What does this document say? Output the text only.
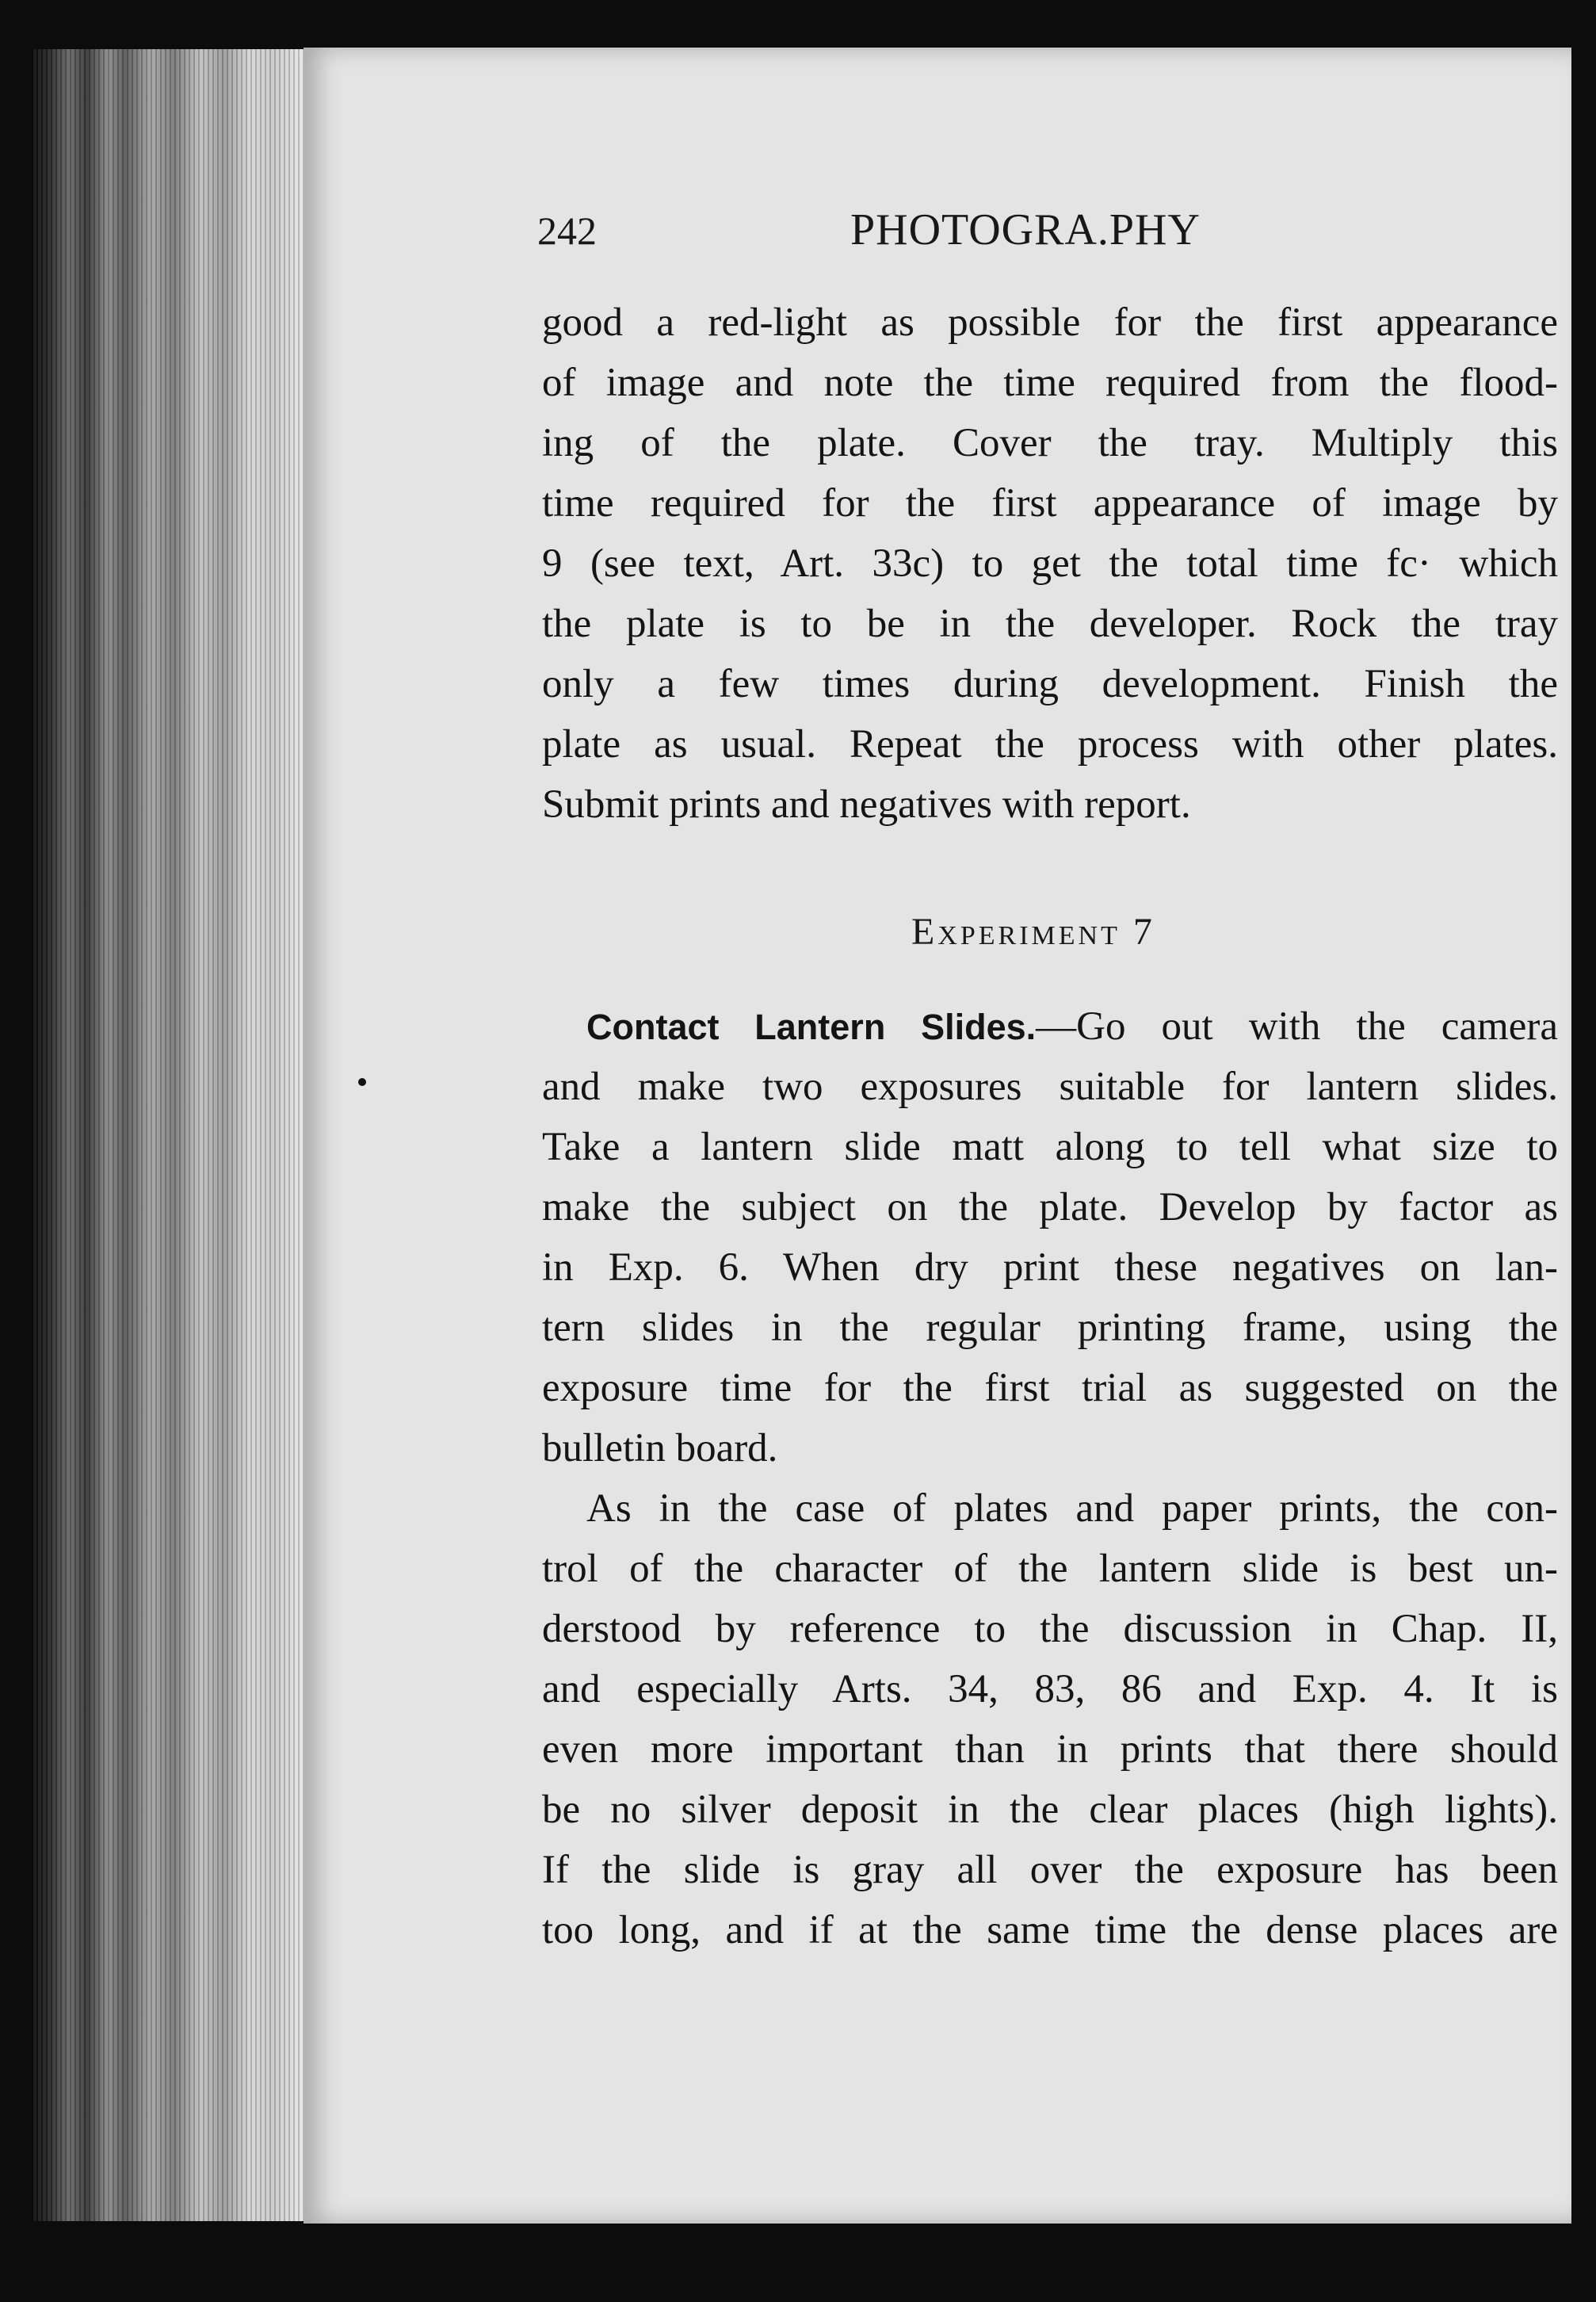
242	PHOTOGRA.PHY
good a red-light as possible for the first appearance
of image and note the time required from the flood-
ing of the plate. Cover the tray. Multiply this
time required for the first appearance of image by
9 (see text, Art. 33c) to get the total time fc· which
the plate is to be in the developer. Rock the tray
only a few times during development. Finish the
plate as usual. Repeat the process with other plates.
Submit prints and negatives with report.
Experiment 7
Contact Lantern Slides.—Go out with the camera
and make two exposures suitable for lantern slides.
Take a lantern slide matt along to tell what size to
make the subject on the plate. Develop by factor as
in Exp. 6. When dry print these negatives on lan-
tern slides in the regular printing frame, using the
exposure time for the first trial as suggested on the
bulletin board.
As in the case of plates and paper prints, the con-
trol of the character of the lantern slide is best un-
derstood by reference to the discussion in Chap. II,
and especially Arts. 34, 83, 86 and Exp. 4. It is
even more important than in prints that there should
be no silver deposit in the clear places (high lights).
If the slide is gray all over the exposure has been
too long, and if at the same time the dense places are
